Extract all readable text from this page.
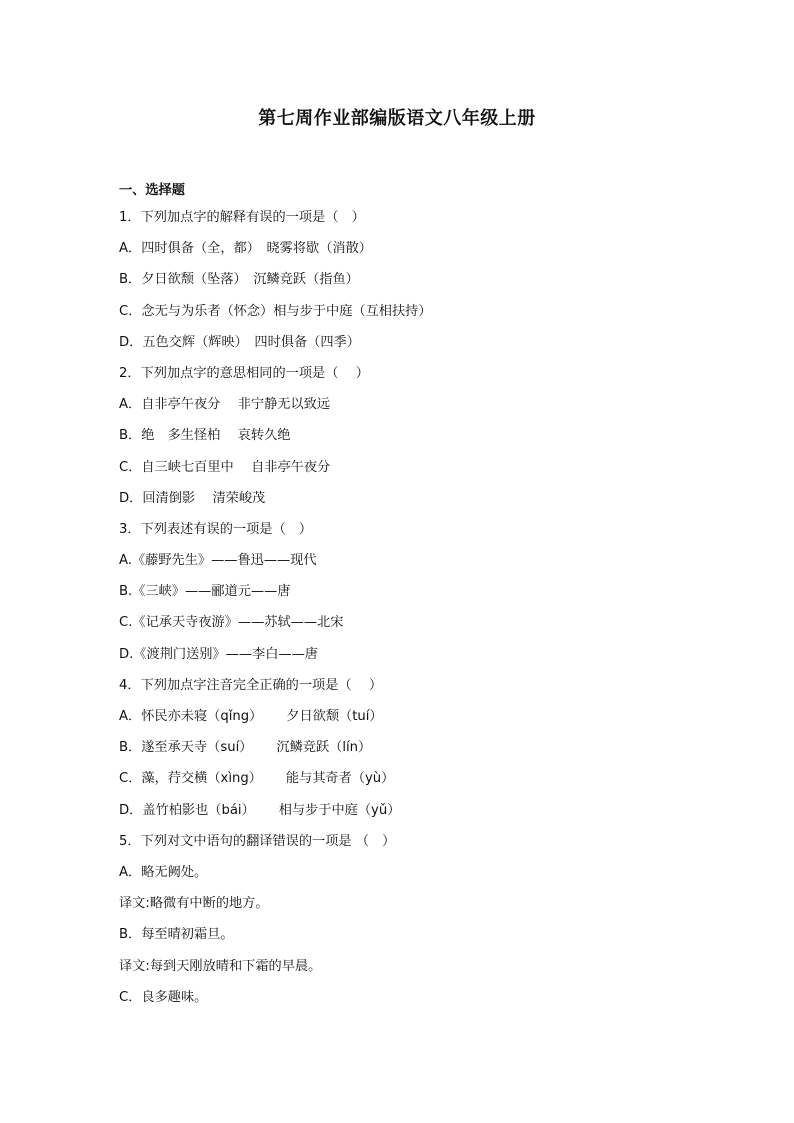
第七周作业部编版语文八年级上册
一、选择题
1．下列加点字的解释有误的一项是（　）
A．四时俱备（全，都）　晓雾将歇（消散）
B．夕日欲颓（坠落）　沉鳞竞跃（指鱼）
C．念无与为乐者（怀念）相与步于中庭（互相扶持）
D．五色交辉（辉映）　四时俱备（四季）
2．下列加点字的意思相同的一项是（　 ）
A．自非亭午夜分　 非宁静无以致远
B．绝　多生怪柏　 哀转久绝
C．自三峡七百里中　 自非亭午夜分
D．回清倒影　 清荣峻茂
3．下列表述有误的一项是（　）
A.《藤野先生》——鲁迅——现代
B.《三峡》——郦道元——唐
C.《记承天寺夜游》——苏轼——北宋
D.《渡荆门送别》——李白——唐
4．下列加点字注音完全正确的一项是（　 ）
A．怀民亦未寝（qǐng）　　 夕日欲颓（tuí）
B．遂至承天寺（suí）　　 沉鳞竞跃（lín）
C．藻，荇交横（xìng）　　 能与其奇者（yù）
D．盖竹柏影也（bái）　　 相与步于中庭（yǔ）
5．下列对文中语句的翻译错误的一项是 （　）
A．略无阙处。
译文:略微有中断的地方。
B．每至晴初霜旦。
译文:每到天刚放晴和下霜的早晨。
C．良多趣味。
